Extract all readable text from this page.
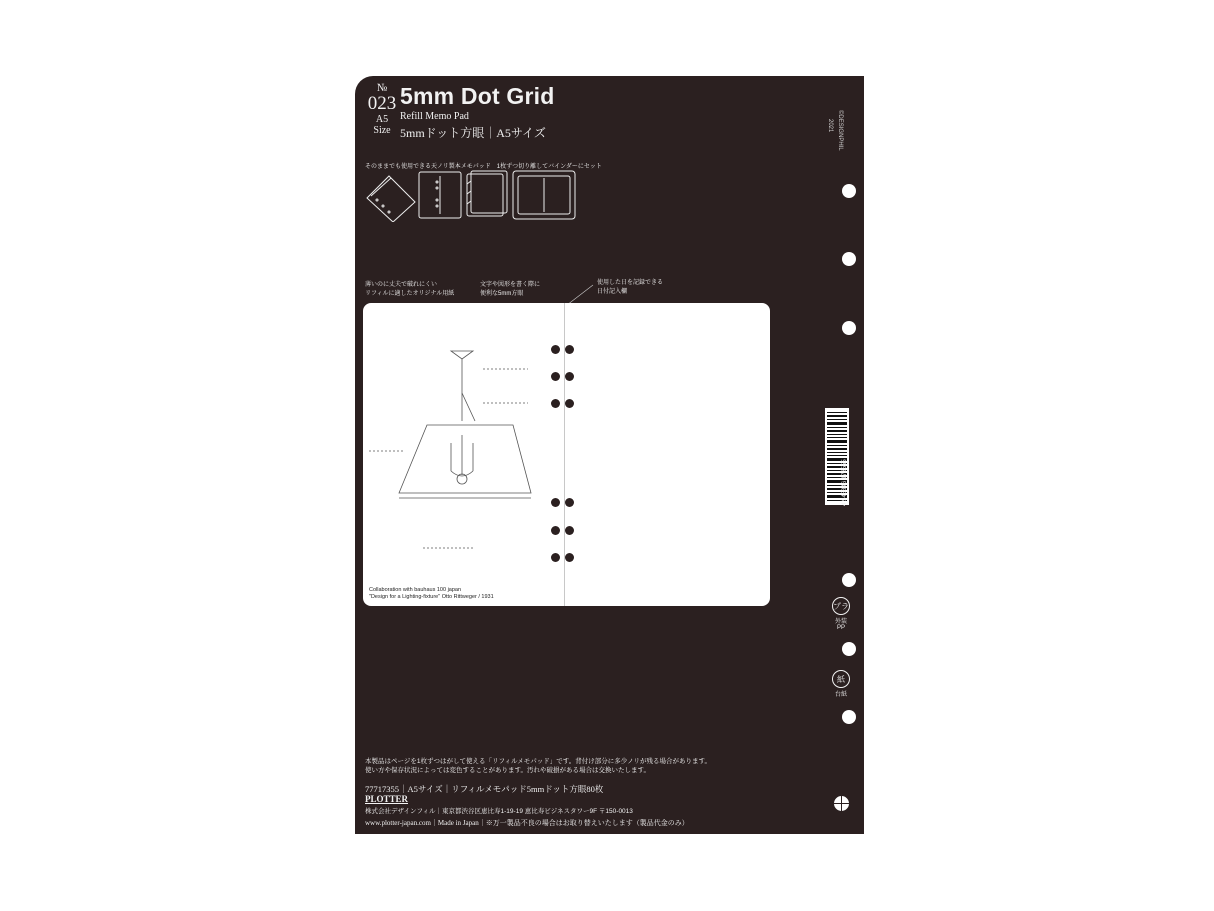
№
023
A5
Size
5mm Dot Grid
Refill Memo Pad
5mmドット方眼｜A5サイズ	©DESIGNPHIL
2021
そのままでも使用できる天ノリ製本メモパッド　1枚ずつ切り離してバインダーにセット
薄いのに丈夫で破れにくい
リフィルに適したオリジナル用紙
文字や図形を書く際に
便利な5mm方眼
使用した日を記録できる
日付記入欄
Collaboration with bauhaus 100 japan
"Design for a Lighting-fixture" Otto Rittweger / 1931
4 945846 173555
プラ
外装
PP
紙
台紙
本製品はページを1枚ずつはがして使える「リフィルメモパッド」です。背付け部分に多少ノリが残る場合があります。
使い方や保存状況によっては変色することがあります。汚れや破損がある場合は交換いたします。
77717355｜A5サイズ｜リフィルメモパッド5mmドット方眼80枚
PLOTTER
株式会社デザインフィル｜東京都渋谷区恵比寿1-19-19 恵比寿ビジネスタワー9F 〒150-0013
www.plotter-japan.com｜Made in Japan｜※万一製品不良の場合はお取り替えいたします（製品代金のみ）
